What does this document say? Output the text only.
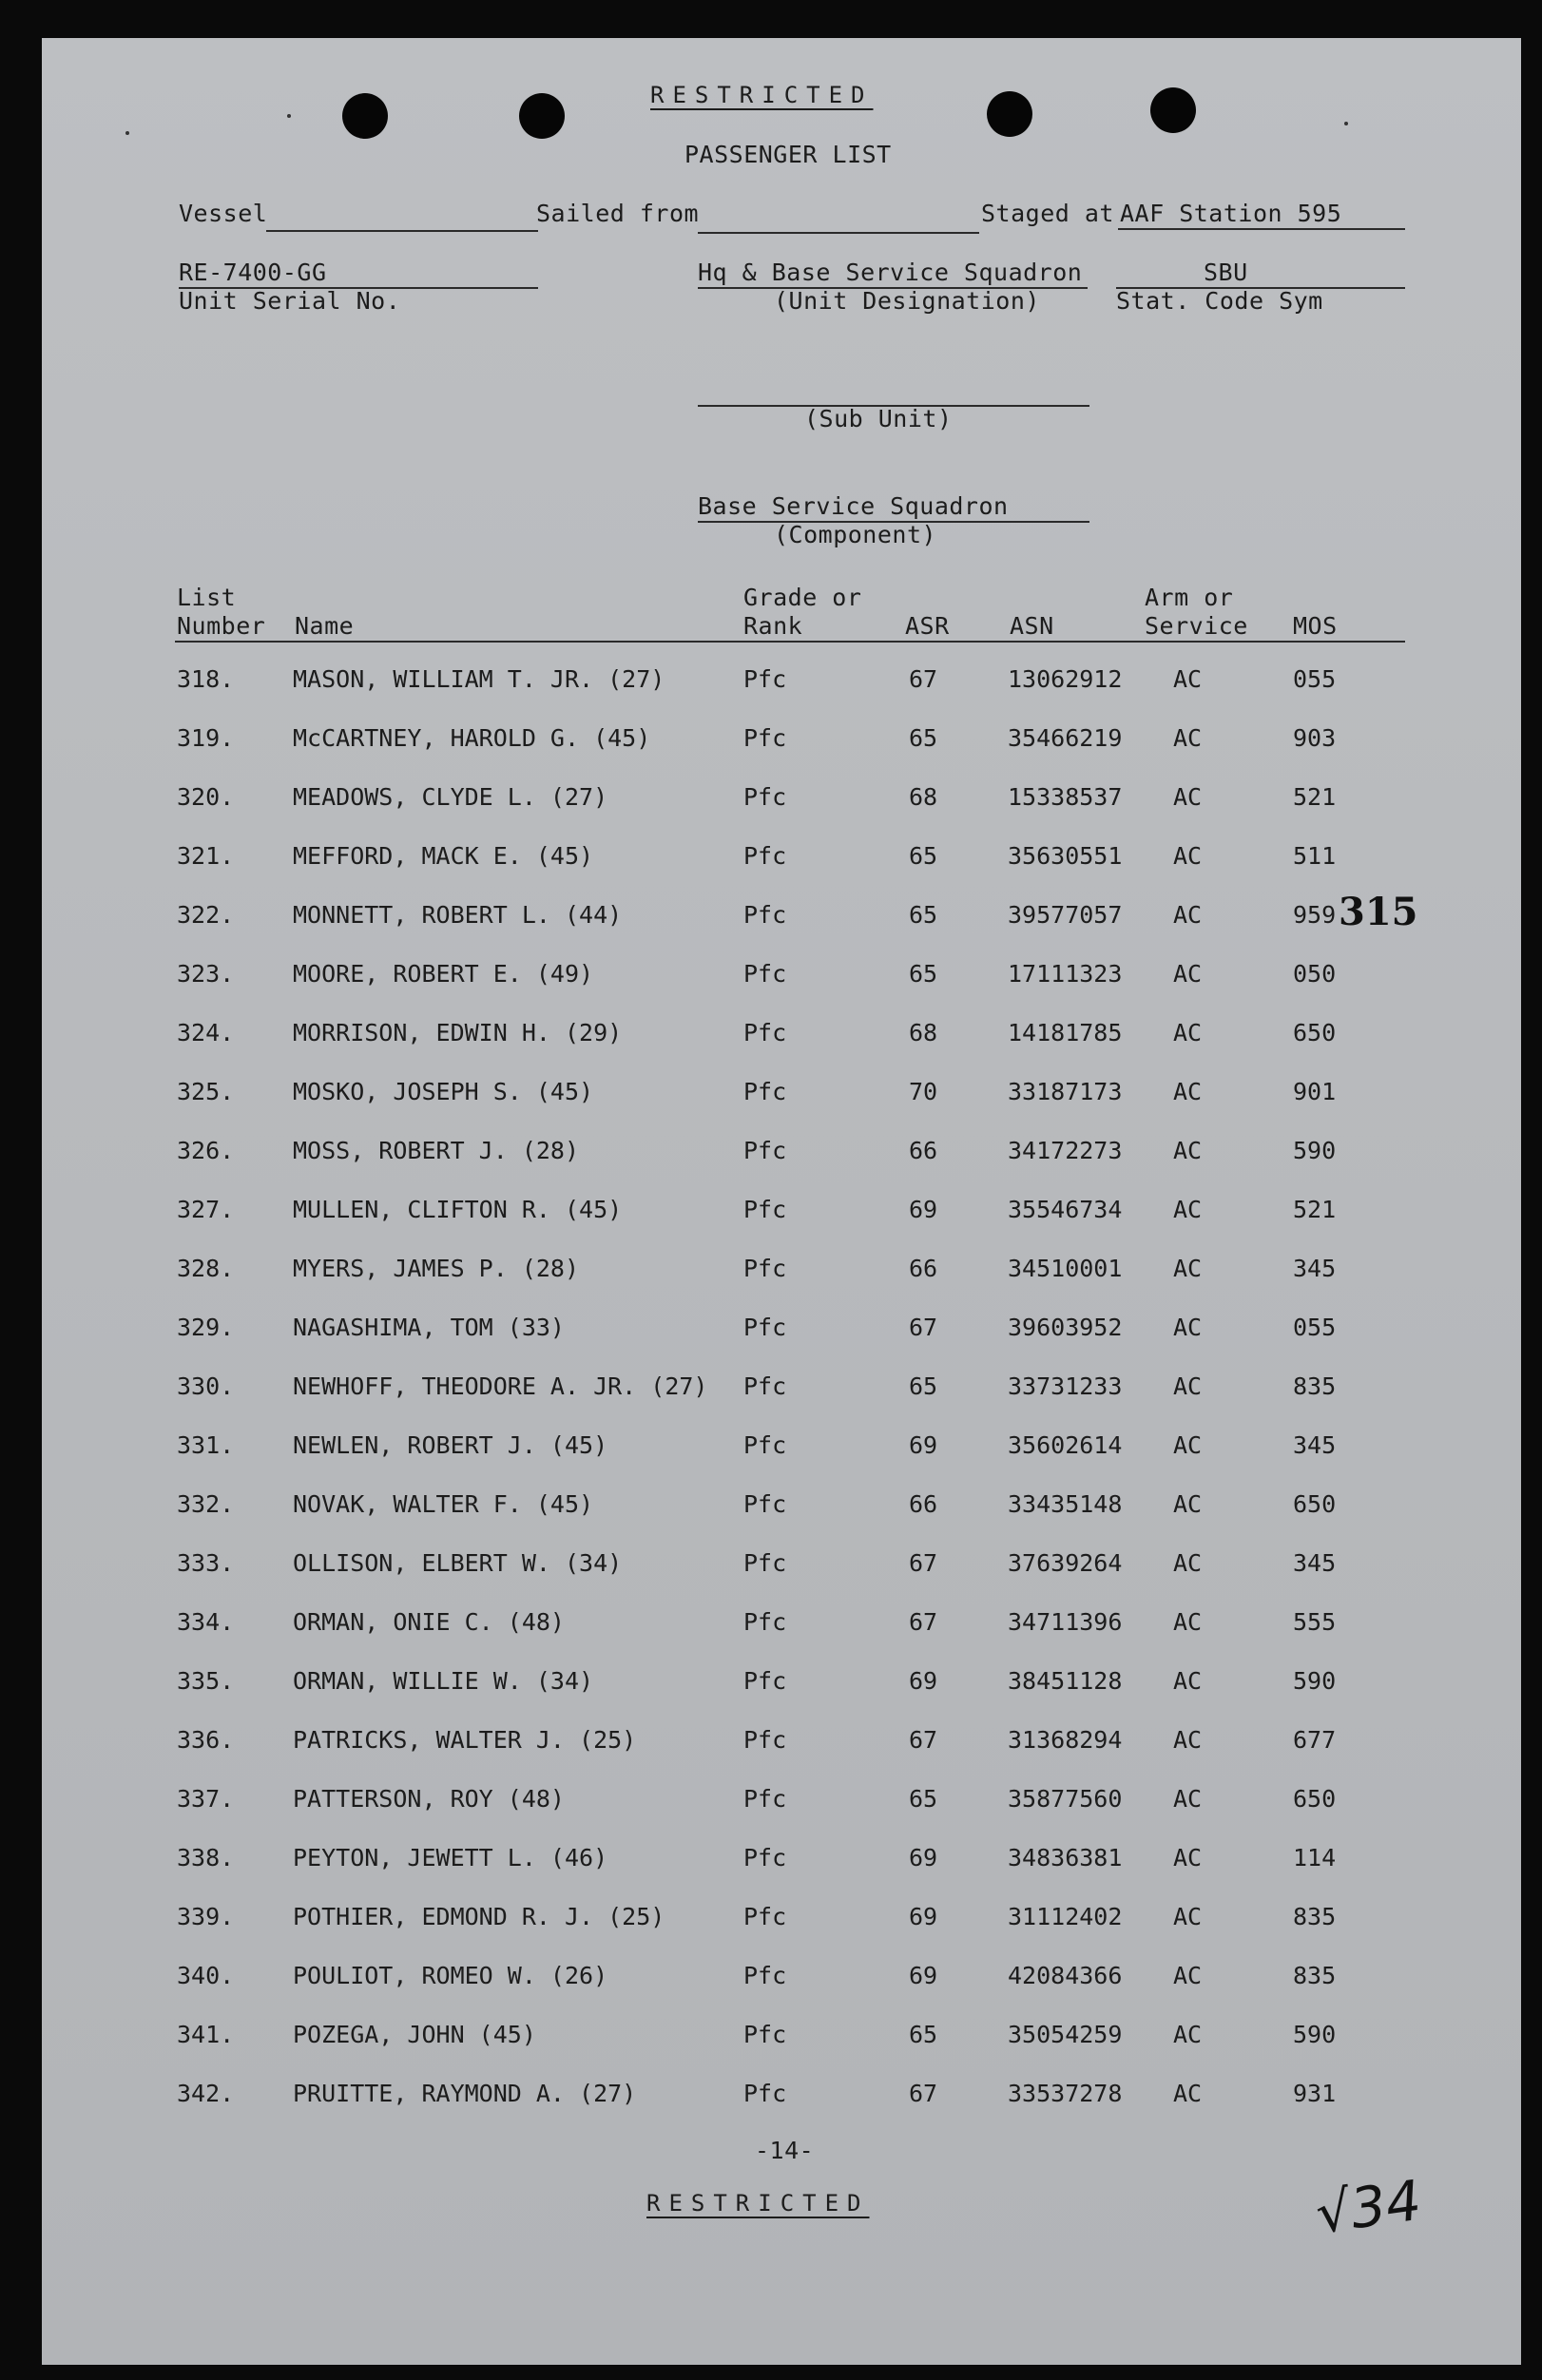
RESTRICTED
PASSENGER LIST
Vessel	Sailed from	Staged at AAF Station 595
RE-7400-GG
Unit Serial No.
Hq & Base Service Squadron
(Unit Designation)
SBU
Stat. Code Sym
(Sub Unit)
Base Service Squadron
(Component)
List
Number Name
Grade or
Rank	ASR	ASN
Arm or
Service MOS
315
-14-
RESTRICTED	√34
318. MASON, WILLIAM T. JR. (27)	Pfc	67	13062912 AC	055
319. McCARTNEY, HAROLD G. (45)	Pfc	65	35466219 AC	903
320. MEADOWS, CLYDE L. (27)	Pfc	68	15338537 AC	521
321. MEFFORD, MACK E. (45)	Pfc	65	35630551 AC	511
322. MONNETT, ROBERT L. (44)	Pfc	65	39577057 AC	959
323. MOORE, ROBERT E. (49)	Pfc	65	17111323 AC	050
324. MORRISON, EDWIN H. (29)	Pfc	68	14181785 AC	650
325. MOSKO, JOSEPH S. (45)	Pfc	70	33187173 AC	901
326. MOSS, ROBERT J. (28)	Pfc	66	34172273 AC	590
327. MULLEN, CLIFTON R. (45)	Pfc	69	35546734 AC	521
328. MYERS, JAMES P. (28)	Pfc	66	34510001 AC	345
329. NAGASHIMA, TOM (33)	Pfc	67	39603952 AC	055
330. NEWHOFF, THEODORE A. JR. (27) Pfc	65	33731233 AC	835
331. NEWLEN, ROBERT J. (45)	Pfc	69	35602614 AC	345
332. NOVAK, WALTER F. (45)	Pfc	66	33435148 AC	650
333. OLLISON, ELBERT W. (34)	Pfc	67	37639264 AC	345
334. ORMAN, ONIE C. (48)	Pfc	67	34711396 AC	555
335. ORMAN, WILLIE W. (34)	Pfc	69	38451128 AC	590
336. PATRICKS, WALTER J. (25)	Pfc	67	31368294 AC	677
337. PATTERSON, ROY (48)	Pfc	65	35877560 AC	650
338. PEYTON, JEWETT L. (46)	Pfc	69	34836381 AC	114
339. POTHIER, EDMOND R. J. (25)	Pfc	69	31112402 AC	835
340. POULIOT, ROMEO W. (26)	Pfc	69	42084366 AC	835
341. POZEGA, JOHN (45)	Pfc	65	35054259 AC	590
342. PRUITTE, RAYMOND A. (27)	Pfc	67	33537278 AC	931
